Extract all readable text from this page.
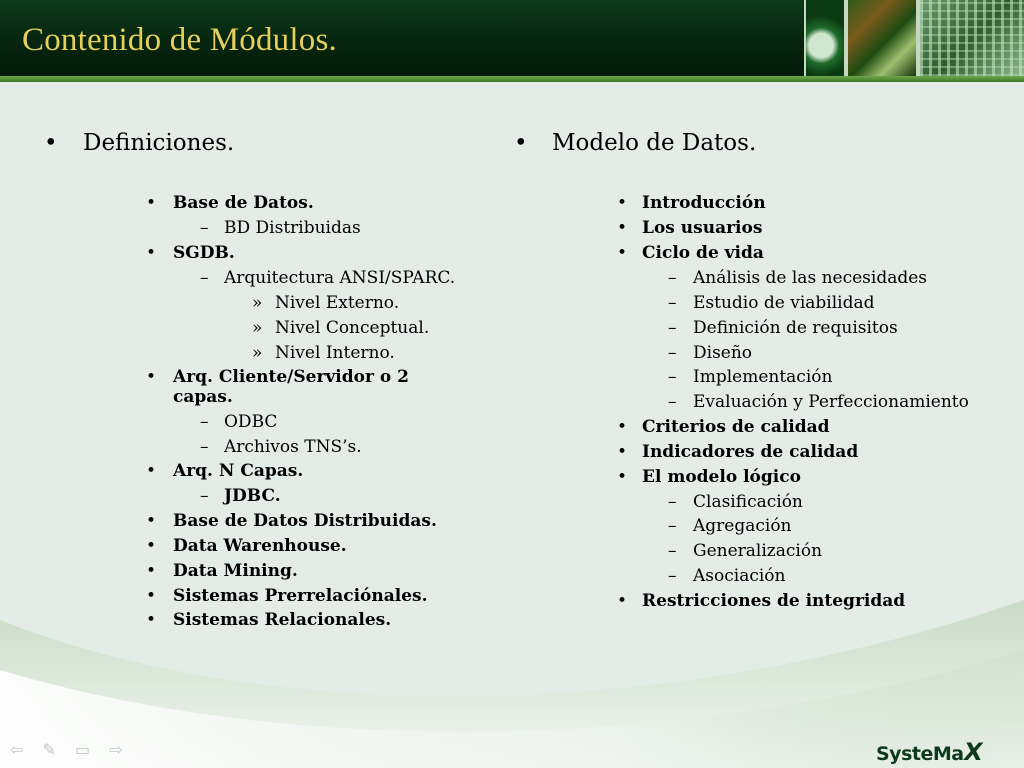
Contenido de Módulos.
• Definiciones.
• Base de Datos.
– BD Distribuidas
• SGDB.
– Arquitectura ANSI/SPARC.
» Nivel Externo.
» Nivel Conceptual.
» Nivel Interno.
• Arq. Cliente/Servidor o 2
capas.
– ODBC
– Archivos TNS’s.
• Arq. N Capas.
– JDBC.
• Base de Datos Distribuidas.
• Data Warenhouse.
• Data Mining.
• Sistemas Prerrelaciónales.
• Sistemas Relacionales.
• Modelo de Datos.
• Introducción
• Los usuarios
• Ciclo de vida
– Análisis de las necesidades
– Estudio de viabilidad
– Definición de requisitos
– Diseño
– Implementación
– Evaluación y Perfeccionamiento
• Criterios de calidad
• Indicadores de calidad
• El modelo lógico
– Clasificación
– Agregación
– Generalización
– Asociación
• Restricciones de integridad
⇦ ✎ ▭ ⇨	SysteMaX
